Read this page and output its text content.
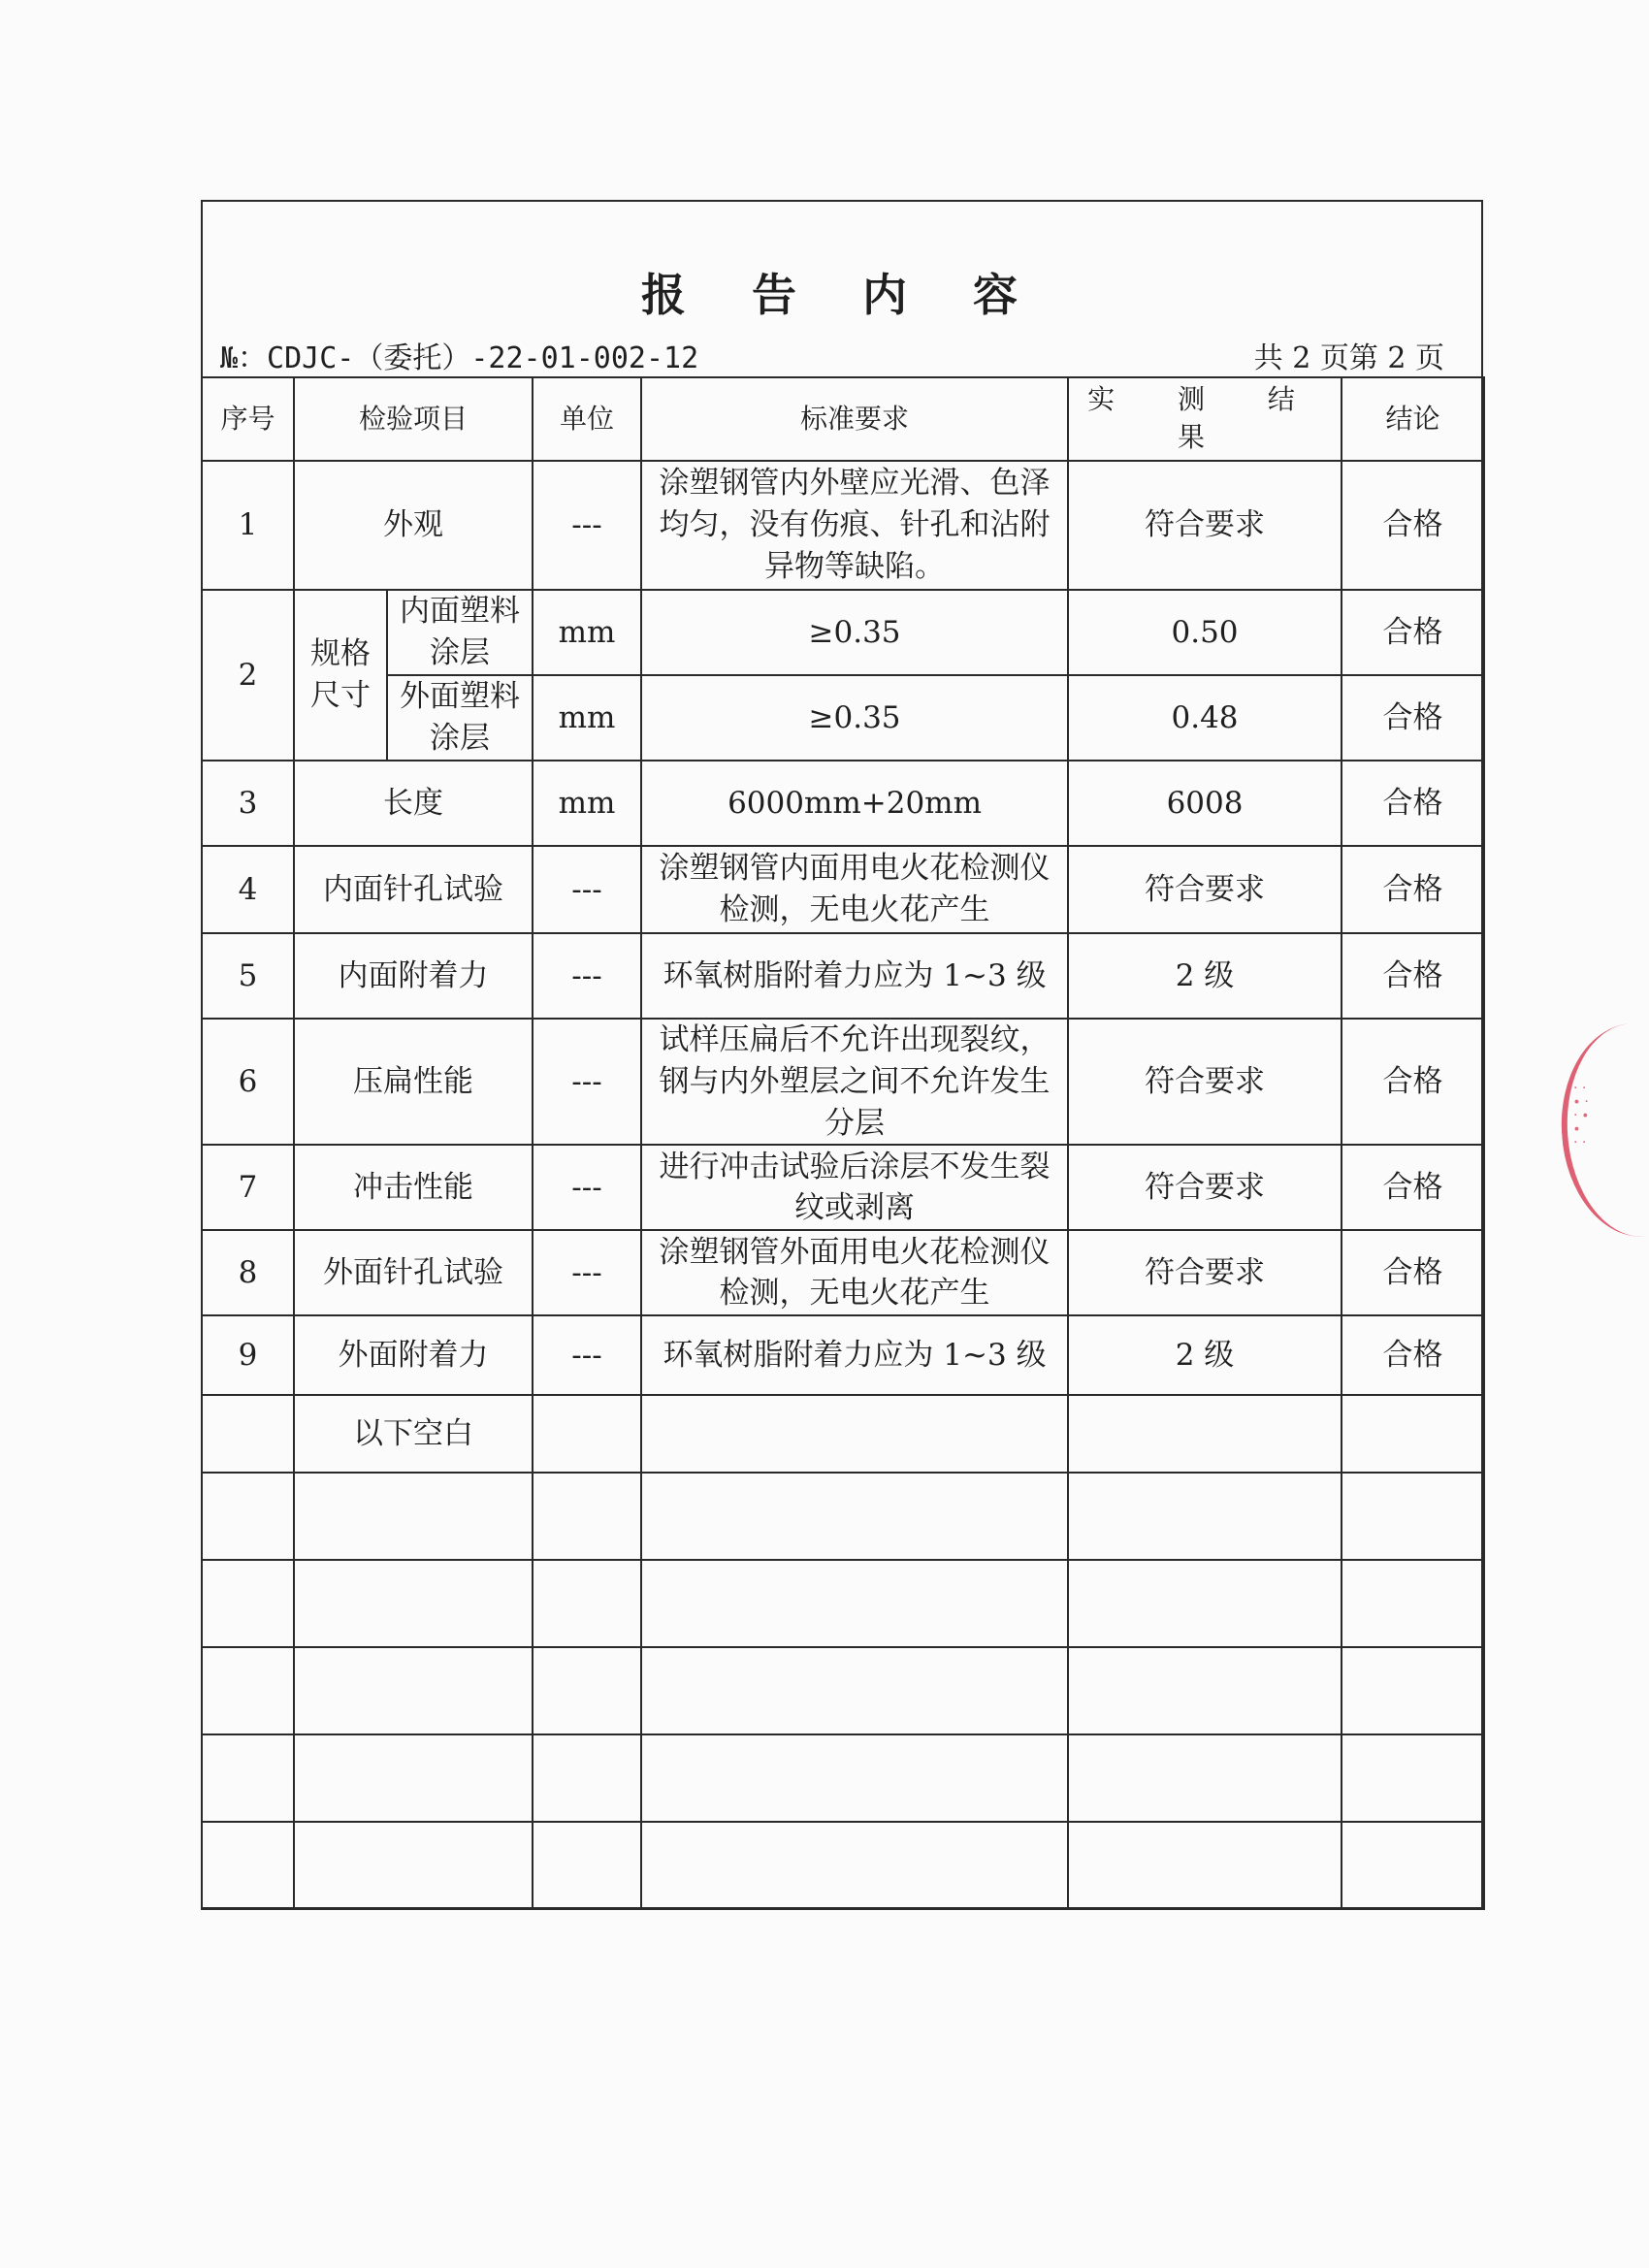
报 告 内 容
№：CDJC-（委托）-22-01-002-12	共 2 页第 2 页
序号	检验项目		单位	标准要求	实 测 结 果	结论
1	外观		---	涂塑钢管内外壁应光滑、色泽均匀，没有伤痕、针孔和沾附异物等缺陷。	符合要求	合格
2	规格尺寸	内面塑料涂层	mm	≥0.35	0.50	合格
		外面塑料涂层	mm	≥0.35	0.48	合格
3	长度		mm	6000mm+20mm	6008	合格
4	内面针孔试验		---	涂塑钢管内面用电火花检测仪检测，无电火花产生	符合要求	合格
5	内面附着力		---	环氧树脂附着力应为 1~3 级	2 级	合格
6	压扁性能		---	试样压扁后不允许出现裂纹，钢与内外塑层之间不允许发生分层	符合要求	合格
7	冲击性能		---	进行冲击试验后涂层不发生裂纹或剥离	符合要求	合格
8	外面针孔试验		---	涂塑钢管外面用电火花检测仪检测，无电火花产生	符合要求	合格
9	外面附着力		---	环氧树脂附着力应为 1~3 级	2 级	合格
	以下空白					

· ·
∙ ·
· ∙
∙
· ·
